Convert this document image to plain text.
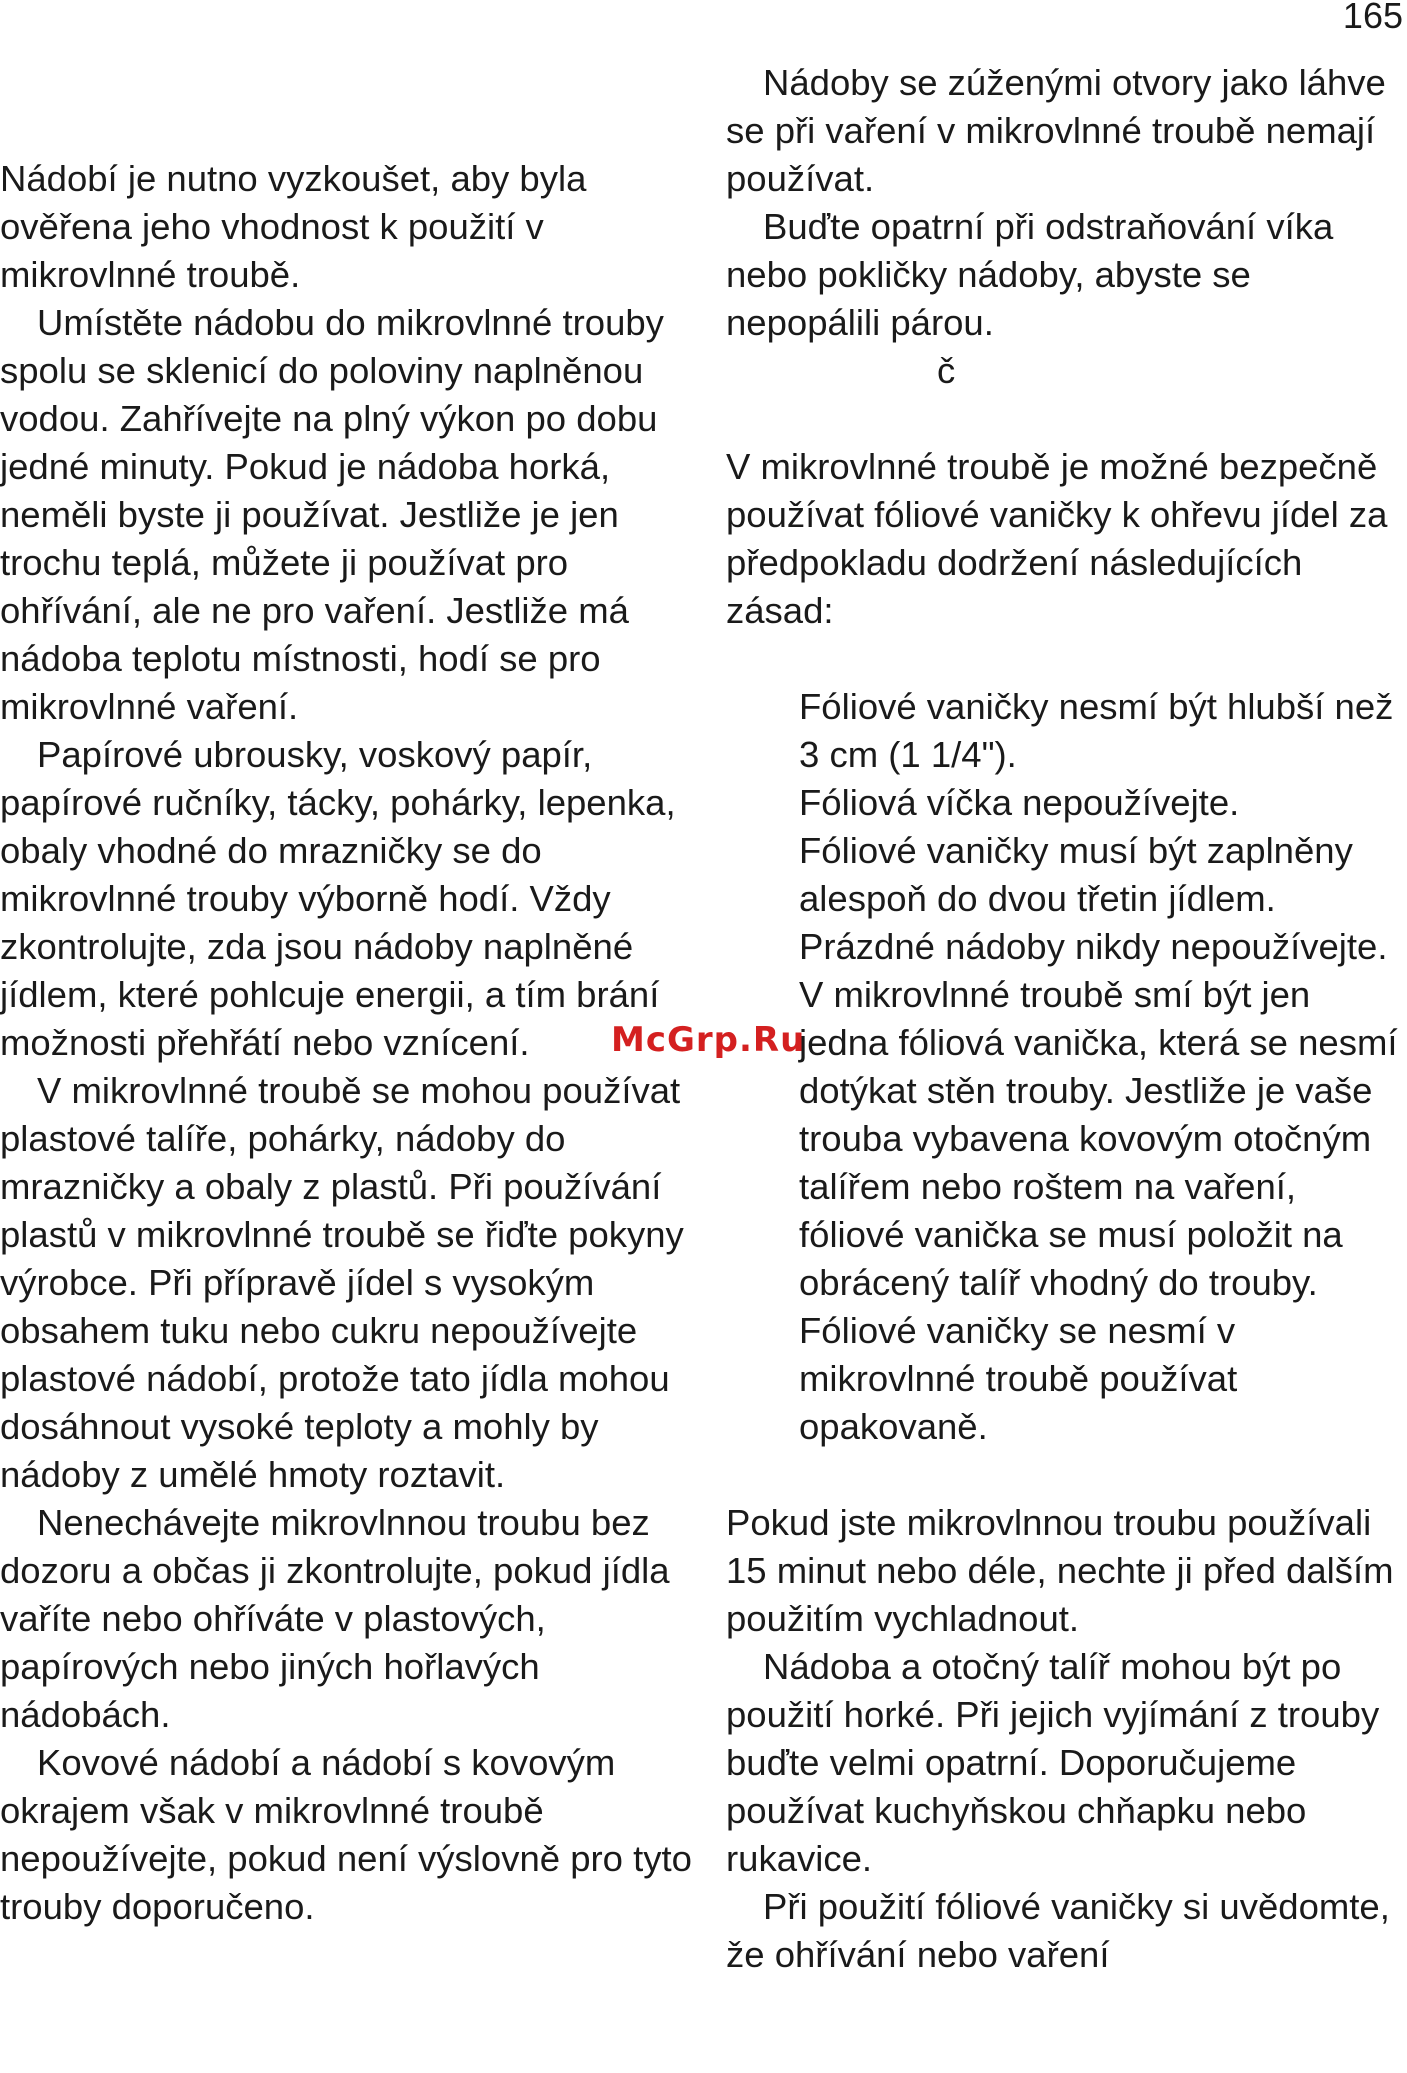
165

Nádobí je nutno vyzkoušet, aby byla ověřena jeho vhodnost k použití v mikrovlnné troubě.

Umístěte nádobu do mikrovlnné trouby spolu se sklenicí do poloviny naplněnou vodou. Zahřívejte na plný výkon po dobu jedné minuty. Pokud je nádoba horká, neměli byste ji používat. Jestliže je jen trochu teplá, můžete ji používat pro ohřívání, ale ne pro vaření. Jestliže má nádoba teplotu místnosti, hodí se pro mikrovlnné vaření.

Papírové ubrousky, voskový papír, papírové ručníky, tácky, pohárky, lepenka, obaly vhodné do mrazničky se do mikrovlnné trouby výborně hodí. Vždy zkontrolujte, zda jsou nádoby naplněné jídlem, které pohlcuje energii, a tím brání možnosti přehřátí nebo vznícení.

V mikrovlnné troubě se mohou používat plastové talíře, pohárky, nádoby do mrazničky a obaly z plastů. Při používání plastů v mikrovlnné troubě se řiďte pokyny výrobce. Při přípravě jídel s vysokým obsahem tuku nebo cukru nepoužívejte plastové nádobí, protože tato jídla mohou dosáhnout vysoké teploty a mohly by nádoby z umělé hmoty roztavit.

Nenechávejte mikrovlnnou troubu bez dozoru a občas ji zkontrolujte, pokud jídla vaříte nebo ohříváte v plastových, papírových nebo jiných hořlavých nádobách.

Kovové nádobí a nádobí s kovovým okrajem však v mikrovlnné troubě nepoužívejte, pokud není výslovně pro tyto trouby doporučeno.

Nádoby se zúženými otvory jako láhve se při vaření v mikrovlnné troubě nemají používat.

Buďte opatrní při odstraňování víka nebo pokličky nádoby, abyste se nepopálili párou.

č

V mikrovlnné troubě je možné bezpečně používat fóliové vaničky k ohřevu jídel za předpokladu dodržení následujících zásad:

Fóliové vaničky nesmí být hlubší než 3 cm (1 1/4").

Fóliová víčka nepoužívejte.

Fóliové vaničky musí být zaplněny alespoň do dvou třetin jídlem.

Prázdné nádoby nikdy nepoužívejte.

V mikrovlnné troubě smí být jen jedna fóliová vanička, která se nesmí dotýkat stěn trouby. Jestliže je vaše trouba vybavena kovovým otočným talířem nebo roštem na vaření, fóliové vanička se musí položit na obrácený talíř vhodný do trouby.

Fóliové vaničky se nesmí v mikrovlnné troubě používat opakovaně.

Pokud jste mikrovlnnou troubu používali 15 minut nebo déle, nechte ji před dalším použitím vychladnout.

Nádoba a otočný talíř mohou být po použití horké. Při jejich vyjímání z trouby buďte velmi opatrní. Doporučujeme používat kuchyňskou chňapku nebo rukavice.

Při použití fóliové vaničky si uvědomte, že ohřívání nebo vaření

McGrp.Ru
